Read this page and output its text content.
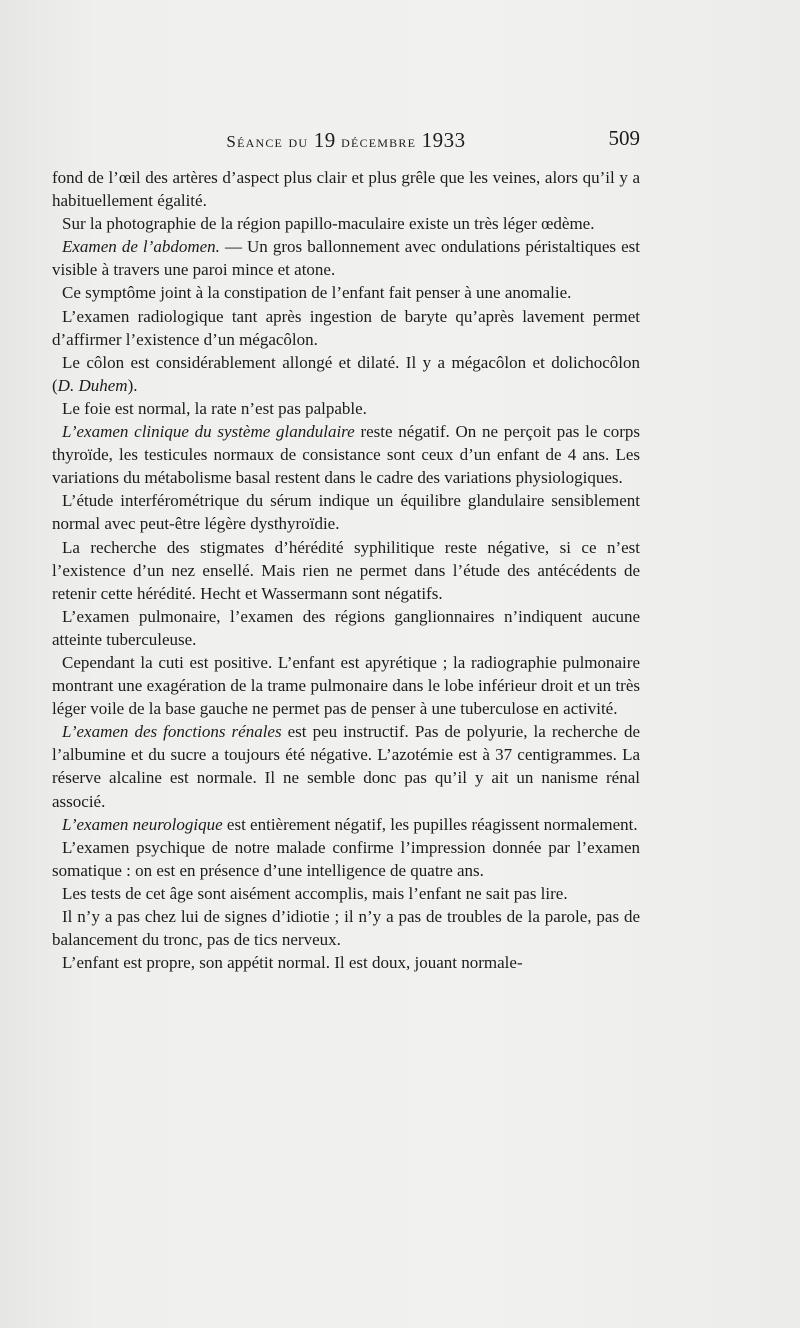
Séance du 19 décembre 1933	509

fond de l’œil des artères d’aspect plus clair et plus grêle que les veines, alors qu’il y a habituellement égalité.

Sur la photographie de la région papillo-maculaire existe un très léger œdème.

Examen de l’abdomen. — Un gros ballonnement avec ondulations péristaltiques est visible à travers une paroi mince et atone.

Ce symptôme joint à la constipation de l’enfant fait penser à une anomalie.

L’examen radiologique tant après ingestion de baryte qu’après lavement permet d’affirmer l’existence d’un mégacôlon.

Le côlon est considérablement allongé et dilaté. Il y a mégacôlon et dolichocôlon (D. Duhem).

Le foie est normal, la rate n’est pas palpable.

L’examen clinique du système glandulaire reste négatif. On ne perçoit pas le corps thyroïde, les testicules normaux de consistance sont ceux d’un enfant de 4 ans. Les variations du métabolisme basal restent dans le cadre des variations physiologiques.

L’étude interférométrique du sérum indique un équilibre glandulaire sensiblement normal avec peut-être légère dysthyroïdie.

La recherche des stigmates d’hérédité syphilitique reste négative, si ce n’est l’existence d’un nez ensellé. Mais rien ne permet dans l’étude des antécédents de retenir cette hérédité. Hecht et Wassermann sont négatifs.

L’examen pulmonaire, l’examen des régions ganglionnaires n’indiquent aucune atteinte tuberculeuse.

Cependant la cuti est positive. L’enfant est apyrétique ; la radiographie pulmonaire montrant une exagération de la trame pulmonaire dans le lobe inférieur droit et un très léger voile de la base gauche ne permet pas de penser à une tuberculose en activité.

L’examen des fonctions rénales est peu instructif. Pas de polyurie, la recherche de l’albumine et du sucre a toujours été négative. L’azotémie est à 37 centigrammes. La réserve alcaline est normale. Il ne semble donc pas qu’il y ait un nanisme rénal associé.

L’examen neurologique est entièrement négatif, les pupilles réagissent normalement.

L’examen psychique de notre malade confirme l’impression donnée par l’examen somatique : on est en présence d’une intelligence de quatre ans.

Les tests de cet âge sont aisément accomplis, mais l’enfant ne sait pas lire.

Il n’y a pas chez lui de signes d’idiotie ; il n’y a pas de troubles de la parole, pas de balancement du tronc, pas de tics nerveux.

L’enfant est propre, son appétit normal. Il est doux, jouant normale-
